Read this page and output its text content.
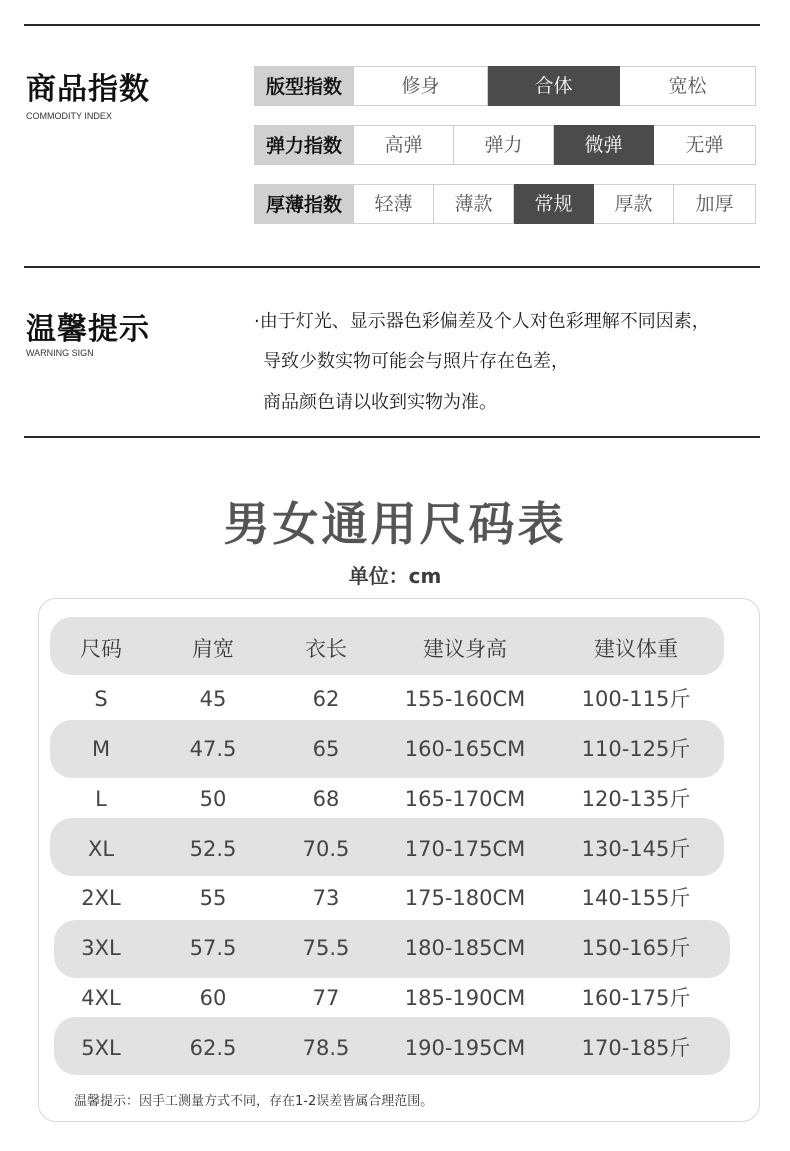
商品指数
COMMODITY INDEX
版型指数	修身	合体	宽松
弹力指数	高弹	弹力	微弹	无弹
厚薄指数	轻薄	薄款	常规	厚款	加厚
温馨提示
WARNING SIGN
·由于灯光、显示器色彩偏差及个人对色彩理解不同因素，
导致少数实物可能会与照片存在色差，
商品颜色请以收到实物为准。
男女通用尺码表
单位：cm
尺码	肩宽	衣长	建议身高	建议体重
S	45	62	155-160CM	100-115斤
M	47.5	65	160-165CM	110-125斤
L	50	68	165-170CM	120-135斤
XL	52.5	70.5	170-175CM	130-145斤
2XL	55	73	175-180CM	140-155斤
3XL	57.5	75.5	180-185CM	150-165斤
4XL	60	77	185-190CM	160-175斤
5XL	62.5	78.5	190-195CM	170-185斤
温馨提示：因手工测量方式不同，存在1-2误差皆属合理范围。
